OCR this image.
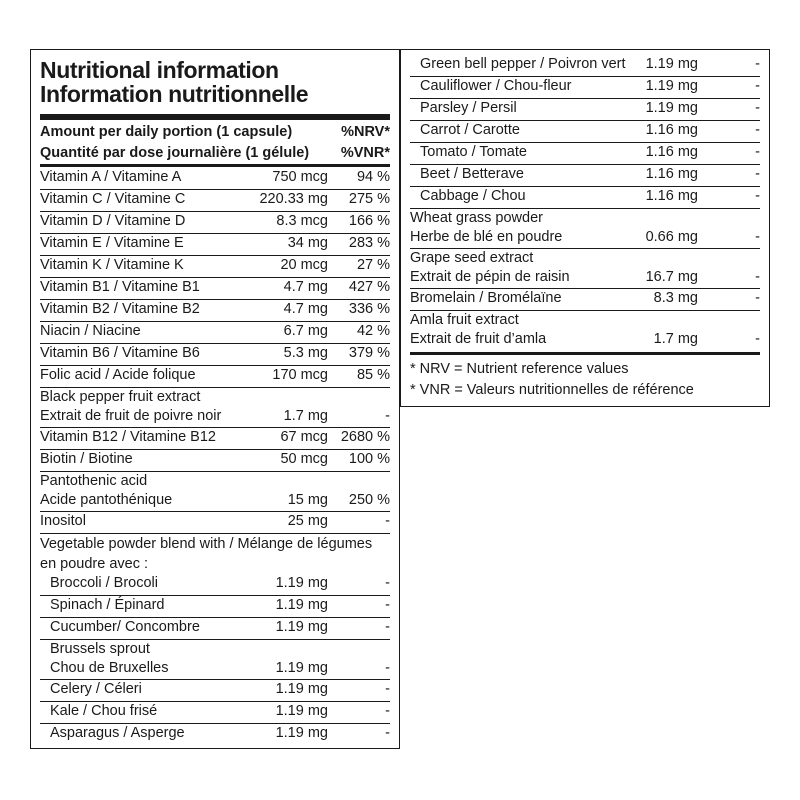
Nutritional information
Information nutritionnelle
Amount per daily portion (1 capsule)	%NRV*
Quantité par dose journalière (1 gélule) %VNR*
Vitamin A / Vitamine A	750 mcg 94 %
Vitamin C / Vitamine C	220.33 mg 275 %
Vitamin D / Vitamine D	8.3 mcg 166 %
Vitamin E / Vitamine E	34 mg 283 %
Vitamin K / Vitamine K	20 mcg 27 %
Vitamin B1 / Vitamine B1	4.7 mg 427 %
Vitamin B2 / Vitamine B2	4.7 mg 336 %
Niacin / Niacine	6.7 mg 42 %
Vitamin B6 / Vitamine B6	5.3 mg 379 %
Folic acid / Acide folique	170 mcg 85 %
Black pepper fruit extract
Extrait de fruit de poivre noir	1.7 mg	-
Vitamin B12 / Vitamine B12	67 mcg 2680 %
Biotin / Biotine	50 mcg 100 %
Pantothenic acid
Acide pantothénique	15 mg 250 %
Inositol	25 mg	-
Vegetable powder blend with / Mélange de légumes
en poudre avec :
Broccoli / Brocoli	1.19 mg	-
Spinach / Épinard	1.19 mg	-
Cucumber/ Concombre	1.19 mg	-
Brussels sprout
Chou de Bruxelles	1.19 mg	-
Celery / Céleri	1.19 mg	-
Kale / Chou frisé	1.19 mg	-
Asparagus / Asperge	1.19 mg	-
Green bell pepper / Poivron vert 1.19 mg	-
Cauliflower / Chou-fleur	1.19 mg	-
Parsley / Persil	1.19 mg	-
Carrot / Carotte	1.16 mg	-
Tomato / Tomate	1.16 mg	-
Beet / Betterave	1.16 mg	-
Cabbage / Chou	1.16 mg	-
Wheat grass powder
Herbe de blé en poudre	0.66 mg	-
Grape seed extract
Extrait de pépin de raisin	16.7 mg	-
Bromelain / Bromélaïne	8.3 mg	-
Amla fruit extract
Extrait de fruit d’amla	1.7 mg	-
* NRV = Nutrient reference values
* VNR = Valeurs nutritionnelles de référence
